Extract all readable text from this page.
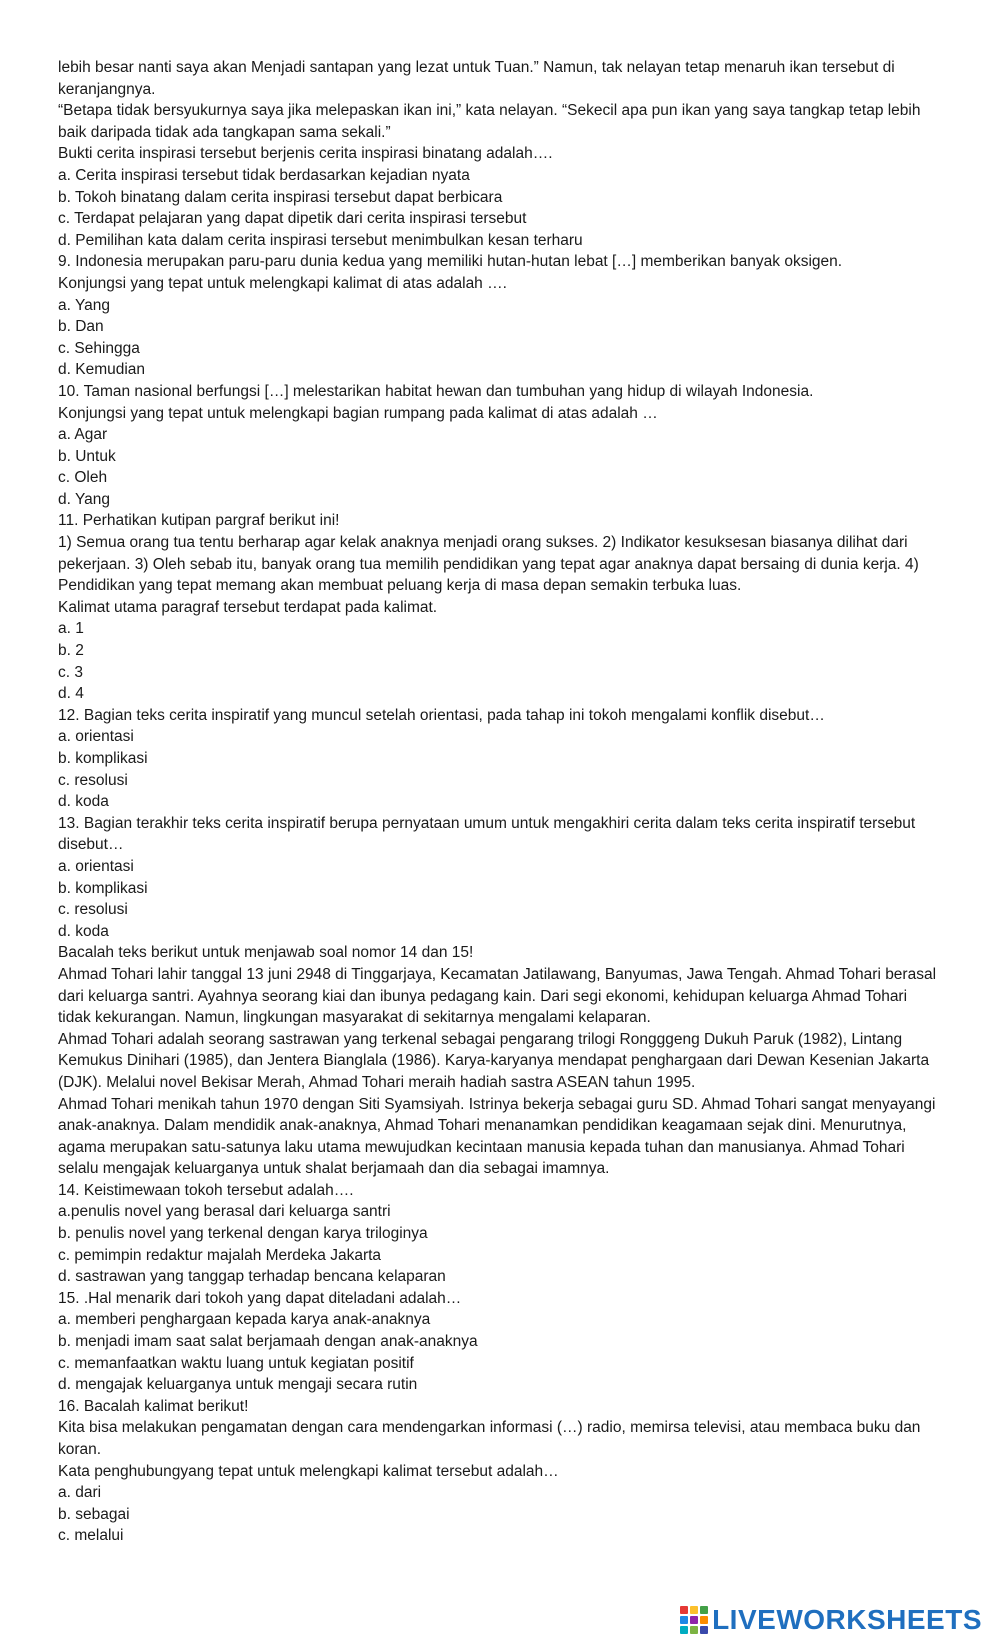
lebih besar nanti saya akan Menjadi santapan yang lezat untuk Tuan.” Namun, tak nelayan tetap menaruh ikan tersebut di keranjangnya.

“Betapa tidak bersyukurnya saya jika melepaskan ikan ini,” kata nelayan. “Sekecil apa pun ikan yang saya tangkap tetap lebih baik daripada tidak ada tangkapan sama sekali.”

Bukti cerita inspirasi tersebut berjenis cerita inspirasi binatang adalah….

a. Cerita inspirasi tersebut tidak berdasarkan kejadian nyata

b. Tokoh binatang dalam cerita inspirasi tersebut dapat berbicara

c. Terdapat pelajaran yang dapat dipetik dari cerita inspirasi tersebut

d. Pemilihan kata dalam cerita inspirasi tersebut menimbulkan kesan terharu

9. Indonesia merupakan paru-paru dunia kedua yang memiliki hutan-hutan lebat […] memberikan banyak oksigen.

Konjungsi yang tepat untuk melengkapi kalimat di atas adalah ….

a. Yang

b. Dan

c. Sehingga

d. Kemudian

10. Taman nasional berfungsi […] melestarikan habitat hewan dan tumbuhan yang hidup di wilayah Indonesia.

Konjungsi yang tepat untuk melengkapi bagian rumpang pada kalimat di atas adalah …

a. Agar

b. Untuk

c. Oleh

d. Yang

11. Perhatikan kutipan pargraf berikut ini!

1) Semua orang tua tentu berharap agar kelak anaknya menjadi orang sukses. 2) Indikator kesuksesan biasanya dilihat dari pekerjaan. 3) Oleh sebab itu, banyak orang tua memilih pendidikan yang tepat agar anaknya dapat bersaing di dunia kerja. 4) Pendidikan yang tepat memang akan membuat peluang kerja di masa depan semakin terbuka luas.

Kalimat utama paragraf tersebut terdapat pada kalimat.

a. 1

b. 2

c. 3

d. 4

12. Bagian teks cerita inspiratif yang muncul setelah orientasi, pada tahap ini tokoh mengalami konflik disebut…

a. orientasi

b. komplikasi

c. resolusi

d. koda

13. Bagian terakhir teks cerita inspiratif berupa pernyataan umum untuk mengakhiri cerita dalam teks cerita inspiratif tersebut disebut…

a. orientasi

b. komplikasi

c. resolusi

d. koda

Bacalah teks berikut untuk menjawab soal nomor 14 dan 15!

Ahmad Tohari lahir tanggal 13 juni 2948 di Tinggarjaya, Kecamatan Jatilawang, Banyumas, Jawa Tengah. Ahmad Tohari berasal dari keluarga santri. Ayahnya seorang kiai dan ibunya pedagang kain. Dari segi ekonomi, kehidupan keluarga Ahmad Tohari tidak kekurangan. Namun, lingkungan masyarakat di sekitarnya mengalami kelaparan.

Ahmad Tohari adalah seorang sastrawan yang terkenal sebagai pengarang trilogi Rongggeng Dukuh Paruk (1982), Lintang Kemukus Dinihari (1985), dan Jentera Bianglala (1986). Karya-karyanya mendapat penghargaan dari Dewan Kesenian Jakarta (DJK). Melalui novel Bekisar Merah, Ahmad Tohari meraih hadiah sastra ASEAN tahun 1995.

Ahmad Tohari menikah tahun 1970 dengan Siti Syamsiyah. Istrinya bekerja sebagai guru SD. Ahmad Tohari sangat menyayangi anak-anaknya. Dalam mendidik anak-anaknya, Ahmad Tohari menanamkan pendidikan keagamaan sejak dini. Menurutnya, agama merupakan satu-satunya laku utama mewujudkan kecintaan manusia kepada tuhan dan manusianya. Ahmad Tohari selalu mengajak keluarganya untuk shalat berjamaah dan dia sebagai imamnya.

14. Keistimewaan tokoh tersebut adalah….

a.penulis novel yang berasal dari keluarga santri

b. penulis novel yang terkenal dengan karya triloginya

c. pemimpin redaktur majalah Merdeka Jakarta

d. sastrawan yang tanggap terhadap bencana kelaparan

15. .Hal menarik dari tokoh yang dapat diteladani adalah…

a. memberi penghargaan kepada karya anak-anaknya

b. menjadi imam saat salat berjamaah dengan anak-anaknya

c. memanfaatkan waktu luang untuk kegiatan positif

d. mengajak keluarganya untuk mengaji secara rutin

16. Bacalah kalimat berikut!

Kita bisa melakukan pengamatan dengan cara mendengarkan informasi (…) radio, memirsa televisi, atau membaca buku dan koran.

Kata penghubungyang tepat untuk melengkapi kalimat tersebut adalah…

a. dari

b. sebagai

c. melalui

LIVEWORKSHEETS
